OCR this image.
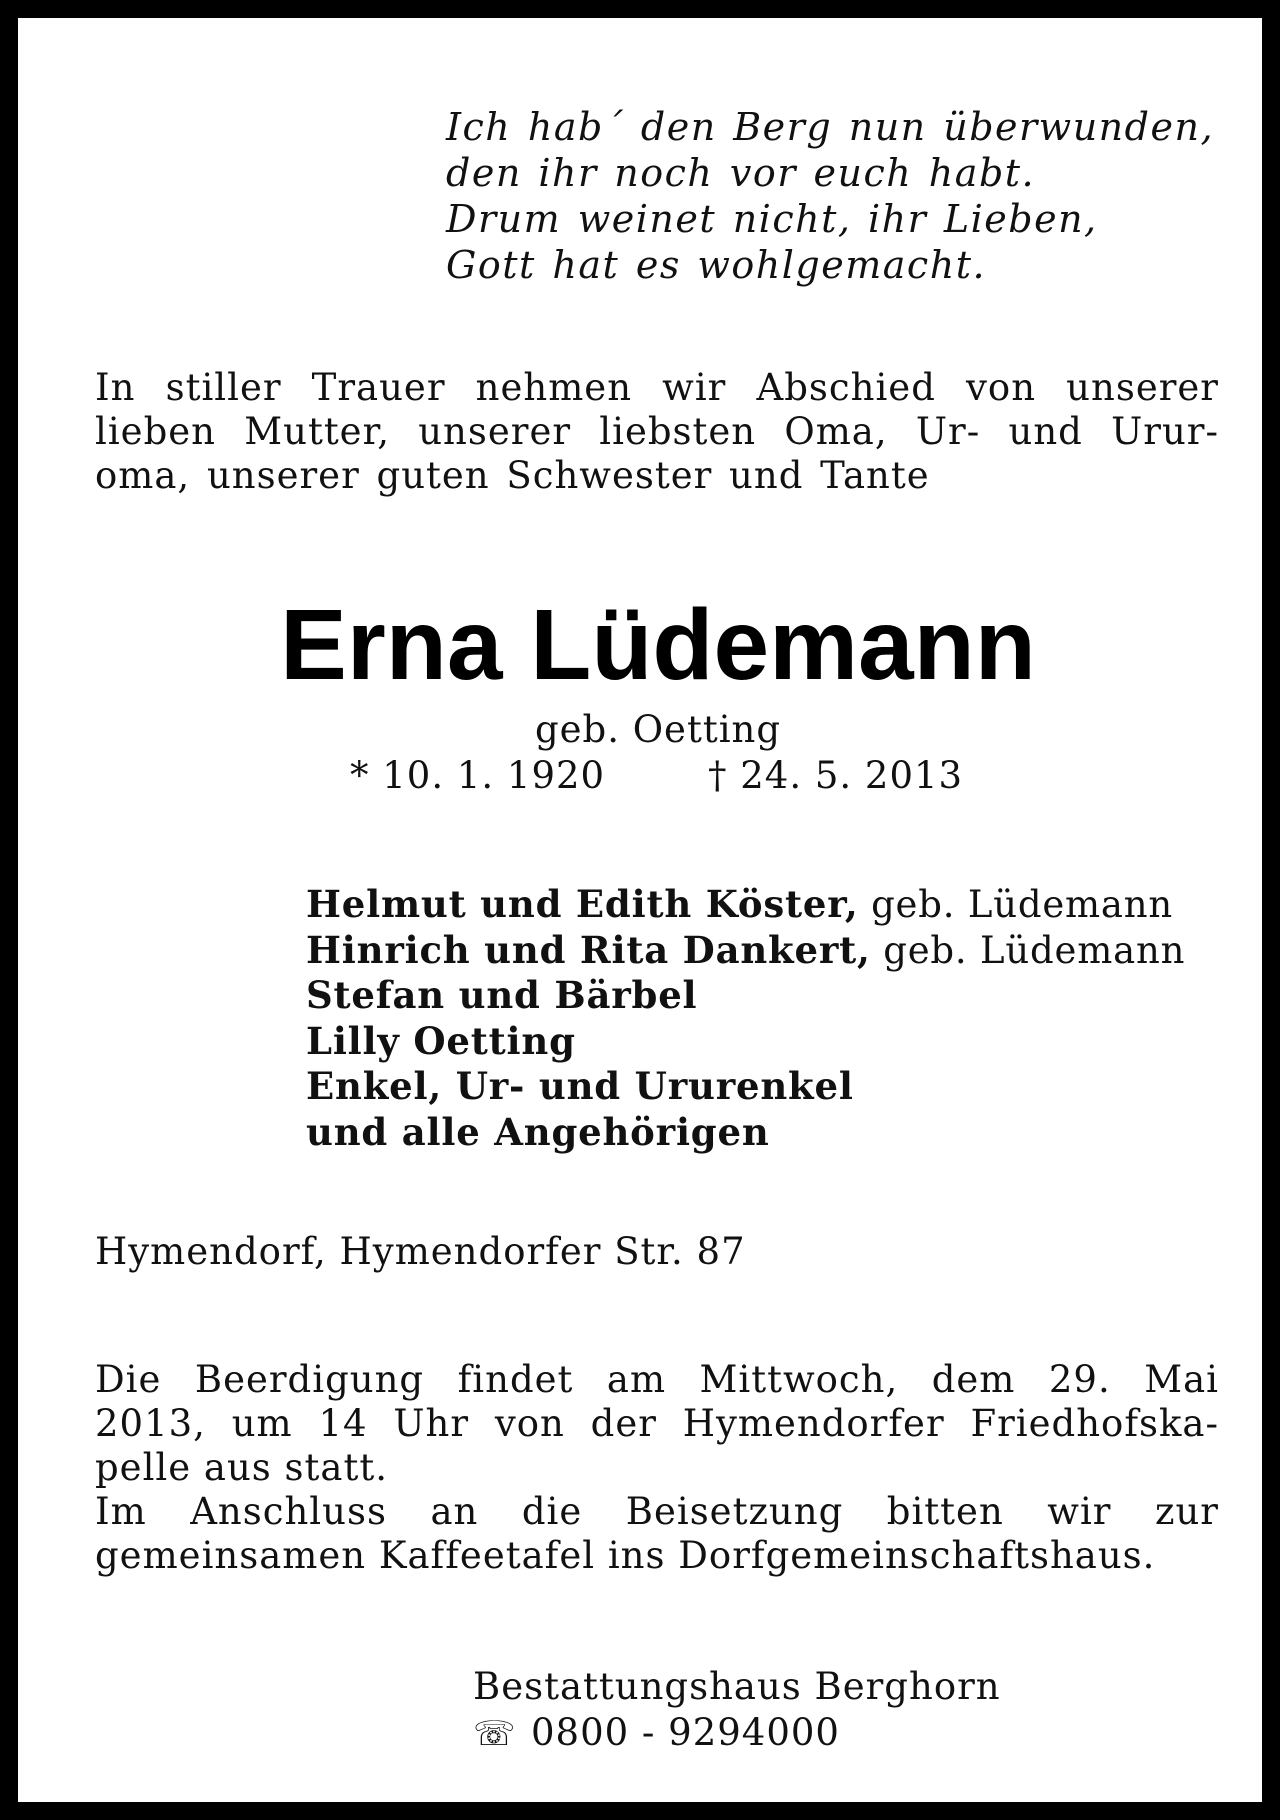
Ich hab´ den Berg nun überwunden,
den ihr noch vor euch habt.
Drum weinet nicht, ihr Lieben,
Gott hat es wohlgemacht.
In stiller Trauer nehmen wir Abschied von unserer
lieben Mutter, unserer liebsten Oma, Ur- und Urur-
oma, unserer guten Schwester und Tante
Erna Lüdemann
geb. Oetting
* 10. 1. 1920	† 24. 5. 2013
Helmut und Edith Köster, geb. Lüdemann
Hinrich und Rita Dankert, geb. Lüdemann
Stefan und Bärbel
Lilly Oetting
Enkel, Ur- und Ururenkel
und alle Angehörigen
Hymendorf, Hymendorfer Str. 87
Die Beerdigung findet am Mittwoch, dem 29. Mai
2013, um 14 Uhr von der Hymendorfer Friedhofska-
pelle aus statt.
Im Anschluss an die Beisetzung bitten wir zur
gemeinsamen Kaffeetafel ins Dorfgemeinschaftshaus.
Bestattungshaus Berghorn
☏ 0800 - 9294000
